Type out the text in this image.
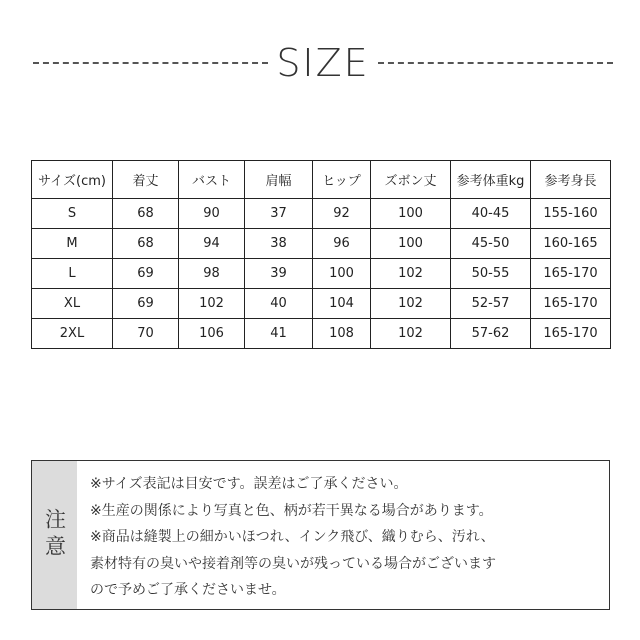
SIZE
サイズ(cm)	着丈	バスト	肩幅	ヒップ	ズボン丈	参考体重kg	参考身長
S	68	90	37	92	100	40-45	155-160
M	68	94	38	96	100	45-50	160-165
L	69	98	39	100	102	50-55	165-170
XL	69	102	40	104	102	52-57	165-170
2XL	70	106	41	108	102	57-62	165-170
注意
※サイズ表記は目安です。誤差はご了承ください。
※生産の関係により写真と色、柄が若干異なる場合があります。
※商品は縫製上の細かいほつれ、インク飛び、織りむら、汚れ、
素材特有の臭いや接着剤等の臭いが残っている場合がございます
ので予めご了承くださいませ。
